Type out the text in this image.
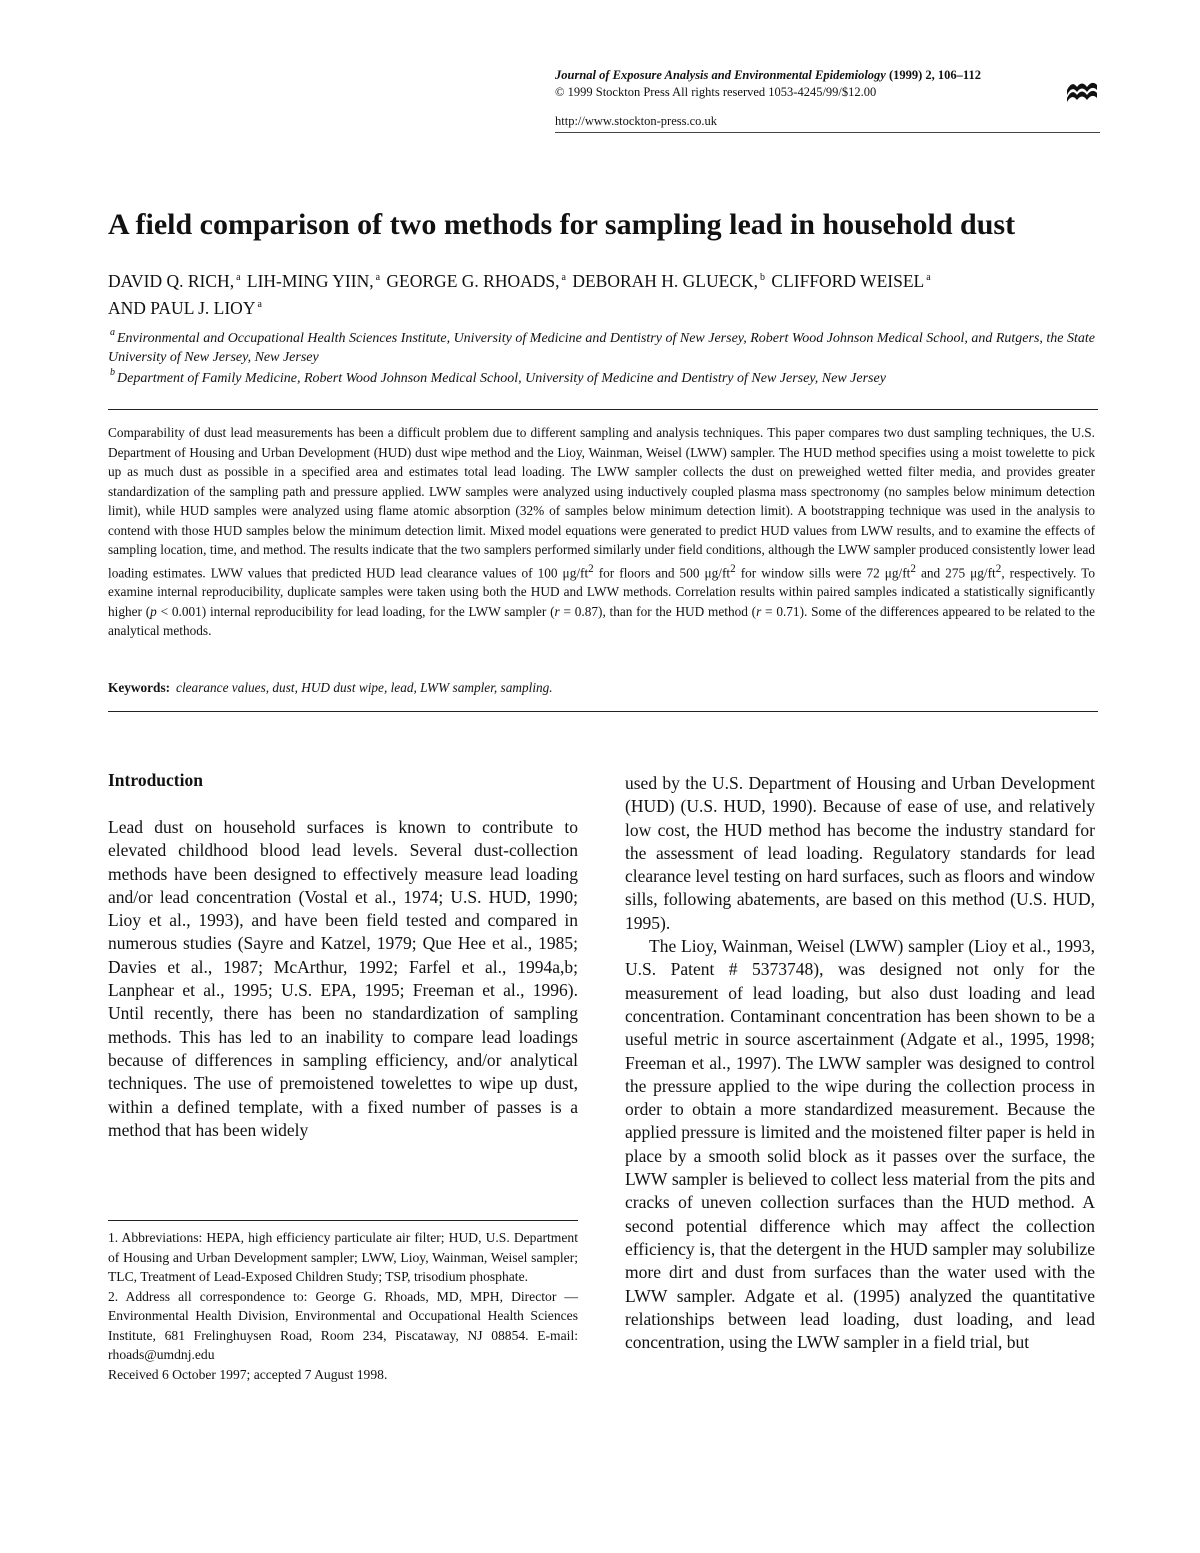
Journal of Exposure Analysis and Environmental Epidemiology (1999) 2, 106–112
© 1999 Stockton Press All rights reserved 1053-4245/99/$12.00
http://www.stockton-press.co.uk
A field comparison of two methods for sampling lead in household dust
DAVID Q. RICH, $^a$ LIH-MING YIIN, $^a$ GEORGE G. RHOADS, $^a$ DEBORAH H. GLUECK, $^b$ CLIFFORD WEISEL $^a$
AND PAUL J. LIOY $^a$
$^a$ Environmental and Occupational Health Sciences Institute, University of Medicine and Dentistry of New Jersey, Robert Wood Johnson Medical School, and Rutgers, the State University of New Jersey, New Jersey
$^b$ Department of Family Medicine, Robert Wood Johnson Medical School, University of Medicine and Dentistry of New Jersey, New Jersey
Comparability of dust lead measurements has been a difficult problem due to different sampling and analysis techniques. This paper compares two dust sampling techniques, the U.S. Department of Housing and Urban Development (HUD) dust wipe method and the Lioy, Wainman, Weisel (LWW) sampler. The HUD method specifies using a moist towelette to pick up as much dust as possible in a specified area and estimates total lead loading. The LWW sampler collects the dust on preweighed wetted filter media, and provides greater standardization of the sampling path and pressure applied. LWW samples were analyzed using inductively coupled plasma mass spectronomy (no samples below minimum detection limit), while HUD samples were analyzed using flame atomic absorption (32% of samples below minimum detection limit). A bootstrapping technique was used in the analysis to contend with those HUD samples below the minimum detection limit. Mixed model equations were generated to predict HUD values from LWW results, and to examine the effects of sampling location, time, and method. The results indicate that the two samplers performed similarly under field conditions, although the LWW sampler produced consistently lower lead loading estimates. LWW values that predicted HUD lead clearance values of 100 $\mu g/ft^2$ for floors and 500 $\mu g/ft^2$ for window sills were 72 $\mu g/ft^2$ and 275 $\mu g/ft^2$, respectively. To examine internal reproducibility, duplicate samples were taken using both the HUD and LWW methods. Correlation results within paired samples indicated a statistically significantly higher (p < 0.001) internal reproducibility for lead loading, for the LWW sampler (r = 0.87), than for the HUD method (r = 0.71). Some of the differences appeared to be related to the analytical methods.
Keywords: clearance values, dust, HUD dust wipe, lead, LWW sampler, sampling.
Introduction
Lead dust on household surfaces is known to contribute to elevated childhood blood lead levels. Several dust-collection methods have been designed to effectively measure lead loading and/or lead concentration (Vostal et al., 1974; U.S. HUD, 1990; Lioy et al., 1993), and have been field tested and compared in numerous studies (Sayre and Katzel, 1979; Que Hee et al., 1985; Davies et al., 1987; McArthur, 1992; Farfel et al., 1994a,b; Lanphear et al., 1995; U.S. EPA, 1995; Freeman et al., 1996). Until recently, there has been no standardization of sampling methods. This has led to an inability to compare lead loadings because of differences in sampling efficiency, and/or analytical techniques. The use of premoistened towelettes to wipe up dust, within a defined template, with a fixed number of passes is a method that has been widely

used by the U.S. Department of Housing and Urban Development (HUD) (U.S. HUD, 1990). Because of ease of use, and relatively low cost, the HUD method has become the industry standard for the assessment of lead loading. Regulatory standards for lead clearance level testing on hard surfaces, such as floors and window sills, following abatements, are based on this method (U.S. HUD, 1995).

The Lioy, Wainman, Weisel (LWW) sampler (Lioy et al., 1993, U.S. Patent # 5373748), was designed not only for the measurement of lead loading, but also dust loading and lead concentration. Contaminant concentration has been shown to be a useful metric in source ascertainment (Adgate et al., 1995, 1998; Freeman et al., 1997). The LWW sampler was designed to control the pressure applied to the wipe during the collection process in order to obtain a more standardized measurement. Because the applied pressure is limited and the moistened filter paper is held in place by a smooth solid block as it passes over the surface, the LWW sampler is believed to collect less material from the pits and cracks of uneven collection surfaces than the HUD method. A second potential difference which may affect the collection efficiency is, that the detergent in the HUD sampler may solubilize more dirt and dust from surfaces than the water used with the LWW sampler. Adgate et al. (1995) analyzed the quantitative relationships between lead loading, dust loading, and lead concentration, using the LWW sampler in a field trial, but

1. Abbreviations: HEPA, high efficiency particulate air filter; HUD, U.S. Department of Housing and Urban Development sampler; LWW, Lioy, Wainman, Weisel sampler; TLC, Treatment of Lead-Exposed Children Study; TSP, trisodium phosphate.
2. Address all correspondence to: George G. Rhoads, MD, MPH, Director —Environmental Health Division, Environmental and Occupational Health Sciences Institute, 681 Frelinghuysen Road, Room 234, Piscataway, NJ 08854. E-mail: rhoads@umdnj.edu
Received 6 October 1997; accepted 7 August 1998.
